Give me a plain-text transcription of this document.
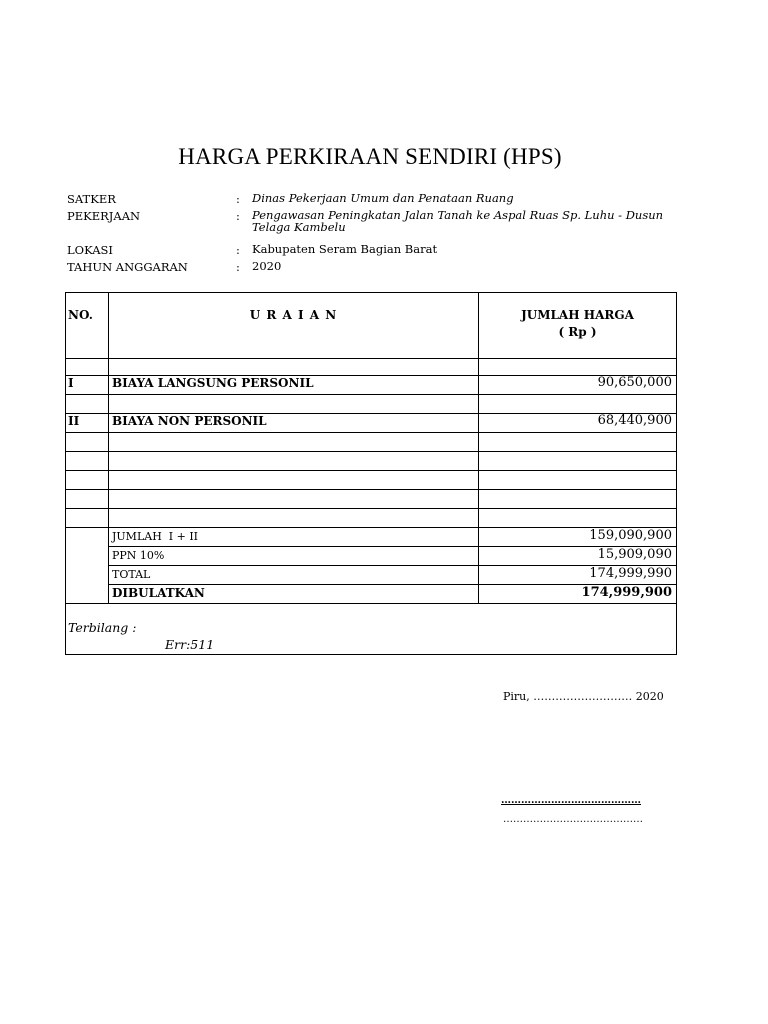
HARGA PERKIRAAN SENDIRI (HPS)
SATKER	: Dinas Pekerjaan Umum dan Penataan Ruang
PEKERJAAN	: Pengawasan Peningkatan Jalan Tanah ke Aspal Ruas Sp. Luhu - Dusun Telaga Kambelu
LOKASI	: Kabupaten Seram Bagian Barat
TAHUN ANGGARAN	: 2020
NO.	U R A I A N	JUMLAH HARGA
( Rp )
I	BIAYA LANGSUNG PERSONIL	90,650,000
II	BIAYA NON PERSONIL	68,440,900
JUMLAH  I + II	159,090,900
PPN 10%	15,909,090
TOTAL	174,999,990
DIBULATKAN	174,999,900
Terbilang :
Err:511
Piru, ……………………… 2020
……………………………………
……………………………………
